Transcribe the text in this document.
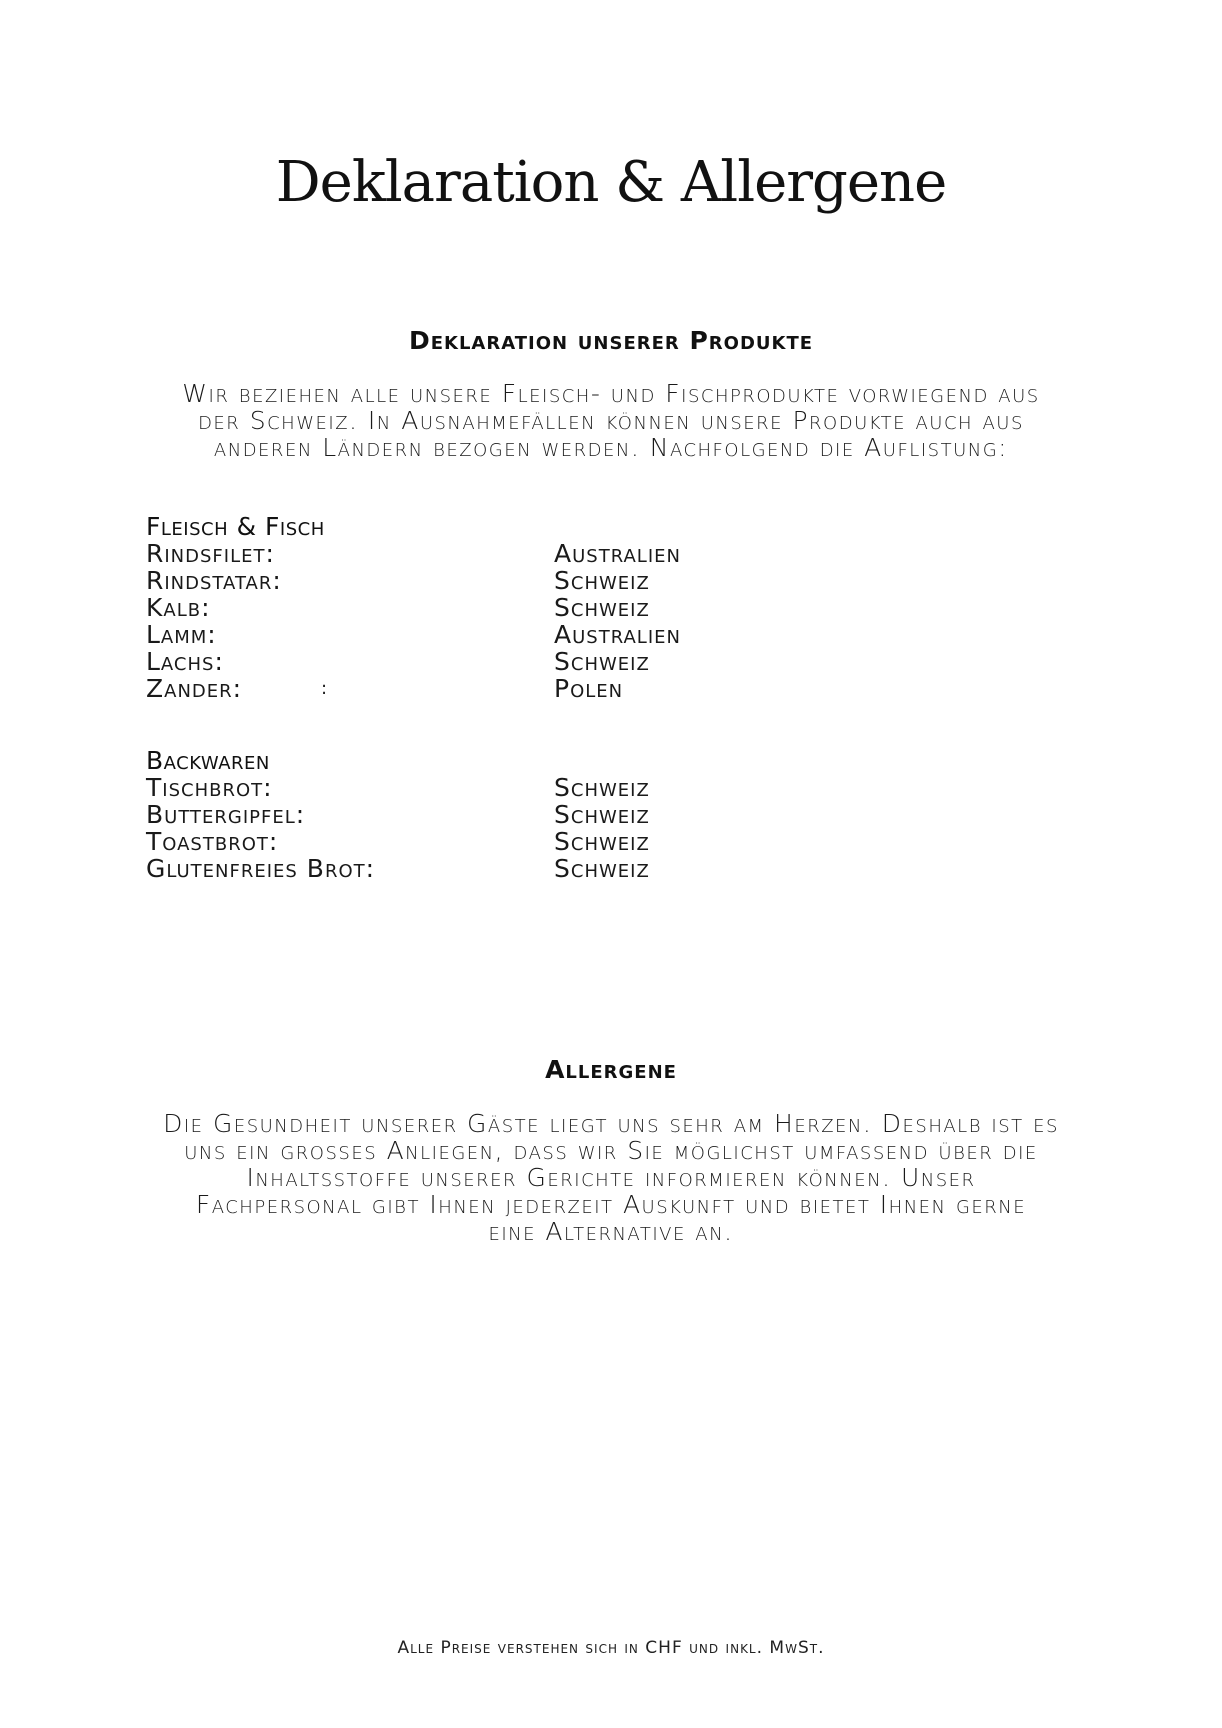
Deklaration & Allergene
Deklaration unserer Produkte

Wir beziehen alle unsere Fleisch- und Fischprodukte vorwiegend aus
der Schweiz. In Ausnahmefällen können unsere Produkte auch aus
anderen Ländern bezogen werden. Nachfolgend die Auflistung:

Fleisch & Fisch
Rindsfilet:	Australien
Rindstatar:	Schweiz
Kalb:	Schweiz
Lamm:	Australien
Lachs:	Schweiz
Zander:	:	Polen
Backwaren
Tischbrot:	Schweiz
Buttergipfel:	Schweiz
Toastbrot:	Schweiz
Glutenfreies Brot:	Schweiz
Allergene

Die Gesundheit unserer Gäste liegt uns sehr am Herzen. Deshalb ist es
uns ein grosses Anliegen, dass wir Sie möglichst umfassend über die
Inhaltsstoffe unserer Gerichte informieren können. Unser
Fachpersonal gibt Ihnen jederzeit Auskunft und bietet Ihnen gerne
eine Alternative an.

Alle Preise verstehen sich in CHF und inkl. MwSt.
